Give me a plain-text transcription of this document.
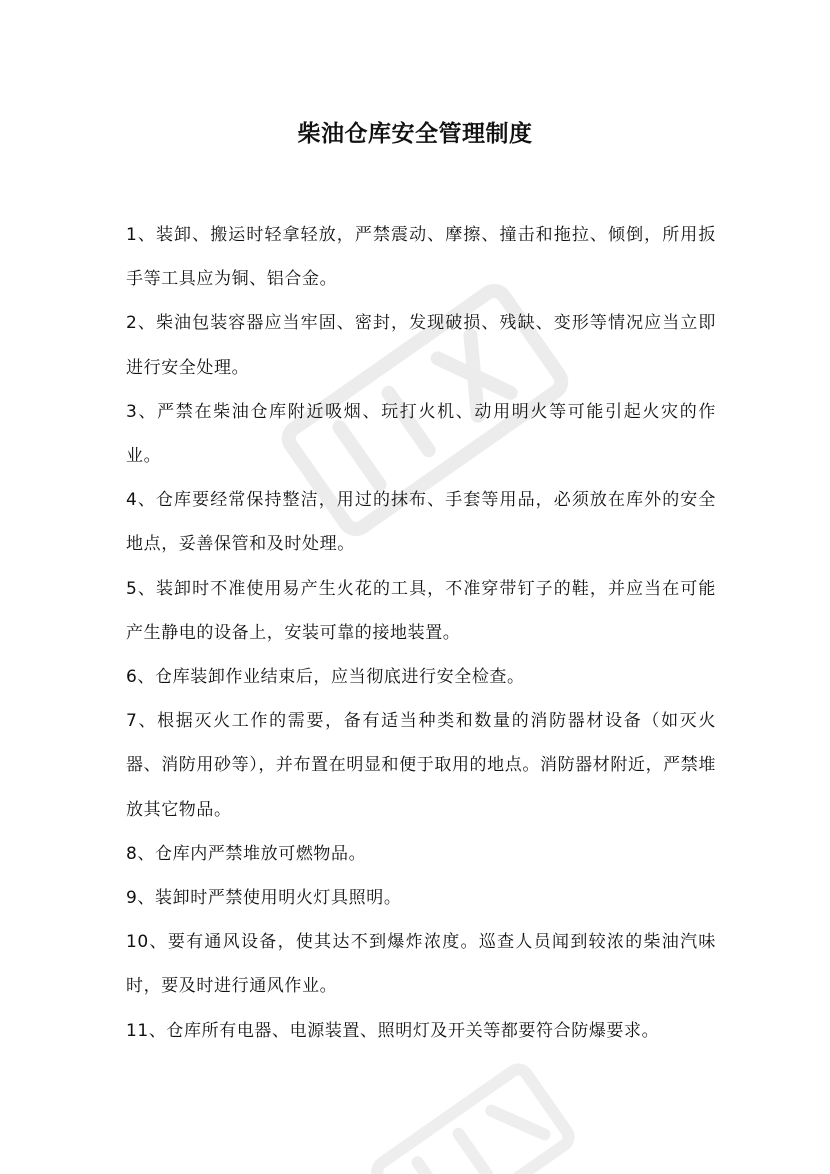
柴油仓库安全管理制度
1、装卸、搬运时轻拿轻放，严禁震动、摩擦、撞击和拖拉、倾倒，所用扳手等工具应为铜、铝合金。
2、柴油包装容器应当牢固、密封，发现破损、残缺、变形等情况应当立即进行安全处理。
3、严禁在柴油仓库附近吸烟、玩打火机、动用明火等可能引起火灾的作业。
4、仓库要经常保持整洁，用过的抹布、手套等用品，必须放在库外的安全地点，妥善保管和及时处理。
5、装卸时不准使用易产生火花的工具，不准穿带钉子的鞋，并应当在可能产生静电的设备上，安装可靠的接地装置。
6、仓库装卸作业结束后，应当彻底进行安全检查。
7、根据灭火工作的需要，备有适当种类和数量的消防器材设备（如灭火器、消防用砂等），并布置在明显和便于取用的地点。消防器材附近，严禁堆放其它物品。
8、仓库内严禁堆放可燃物品。
9、装卸时严禁使用明火灯具照明。
10、要有通风设备，使其达不到爆炸浓度。巡查人员闻到较浓的柴油汽味时，要及时进行通风作业。
11、仓库所有电器、电源装置、照明灯及开关等都要符合防爆要求。
